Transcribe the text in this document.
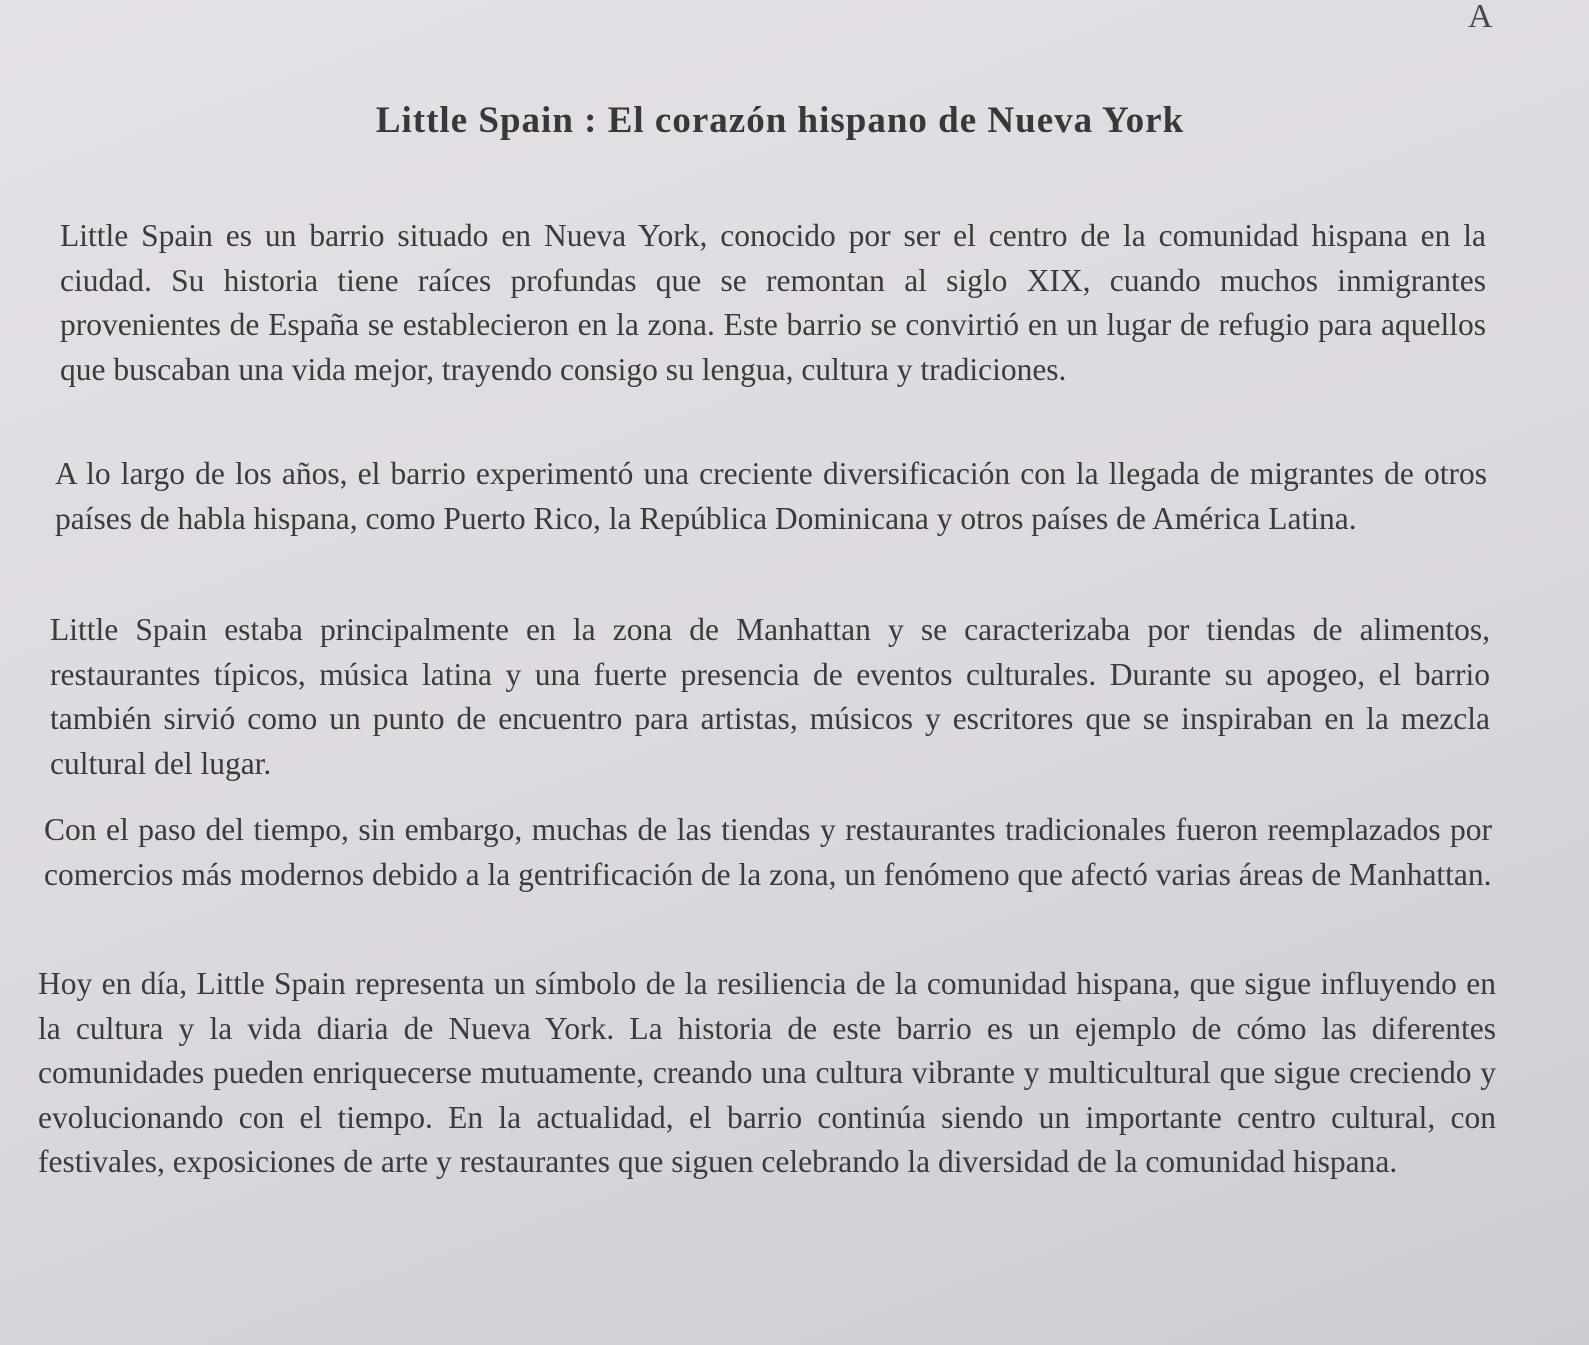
A
Little Spain : El corazón hispano de Nueva York

Little Spain es un barrio situado en Nueva York, conocido por ser el centro de la comunidad hispana en la ciudad. Su historia tiene raíces profundas que se remontan al siglo XIX, cuando muchos inmigrantes provenientes de España se establecieron en la zona. Este barrio se convirtió en un lugar de refugio para aquellos que buscaban una vida mejor, trayendo consigo su lengua, cultura y tradiciones.

A lo largo de los años, el barrio experimentó una creciente diversificación con la llegada de migrantes de otros países de habla hispana, como Puerto Rico, la República Dominicana y otros países de América Latina.

Little Spain estaba principalmente en la zona de Manhattan y se caracterizaba por tiendas de alimentos, restaurantes típicos, música latina y una fuerte presencia de eventos culturales. Durante su apogeo, el barrio también sirvió como un punto de encuentro para artistas, músicos y escritores que se inspiraban en la mezcla cultural del lugar.

Con el paso del tiempo, sin embargo, muchas de las tiendas y restaurantes tradicionales fueron reemplazados por comercios más modernos debido a la gentrificación de la zona, un fenómeno que afectó varias áreas de Manhattan.

Hoy en día, Little Spain representa un símbolo de la resiliencia de la comunidad hispana, que sigue influyendo en la cultura y la vida diaria de Nueva York. La historia de este barrio es un ejemplo de cómo las diferentes comunidades pueden enriquecerse mutuamente, creando una cultura vibrante y multicultural que sigue creciendo y evolucionando con el tiempo. En la actualidad, el barrio continúa siendo un importante centro cultural, con festivales, exposiciones de arte y restaurantes que siguen celebrando la diversidad de la comunidad hispana.
